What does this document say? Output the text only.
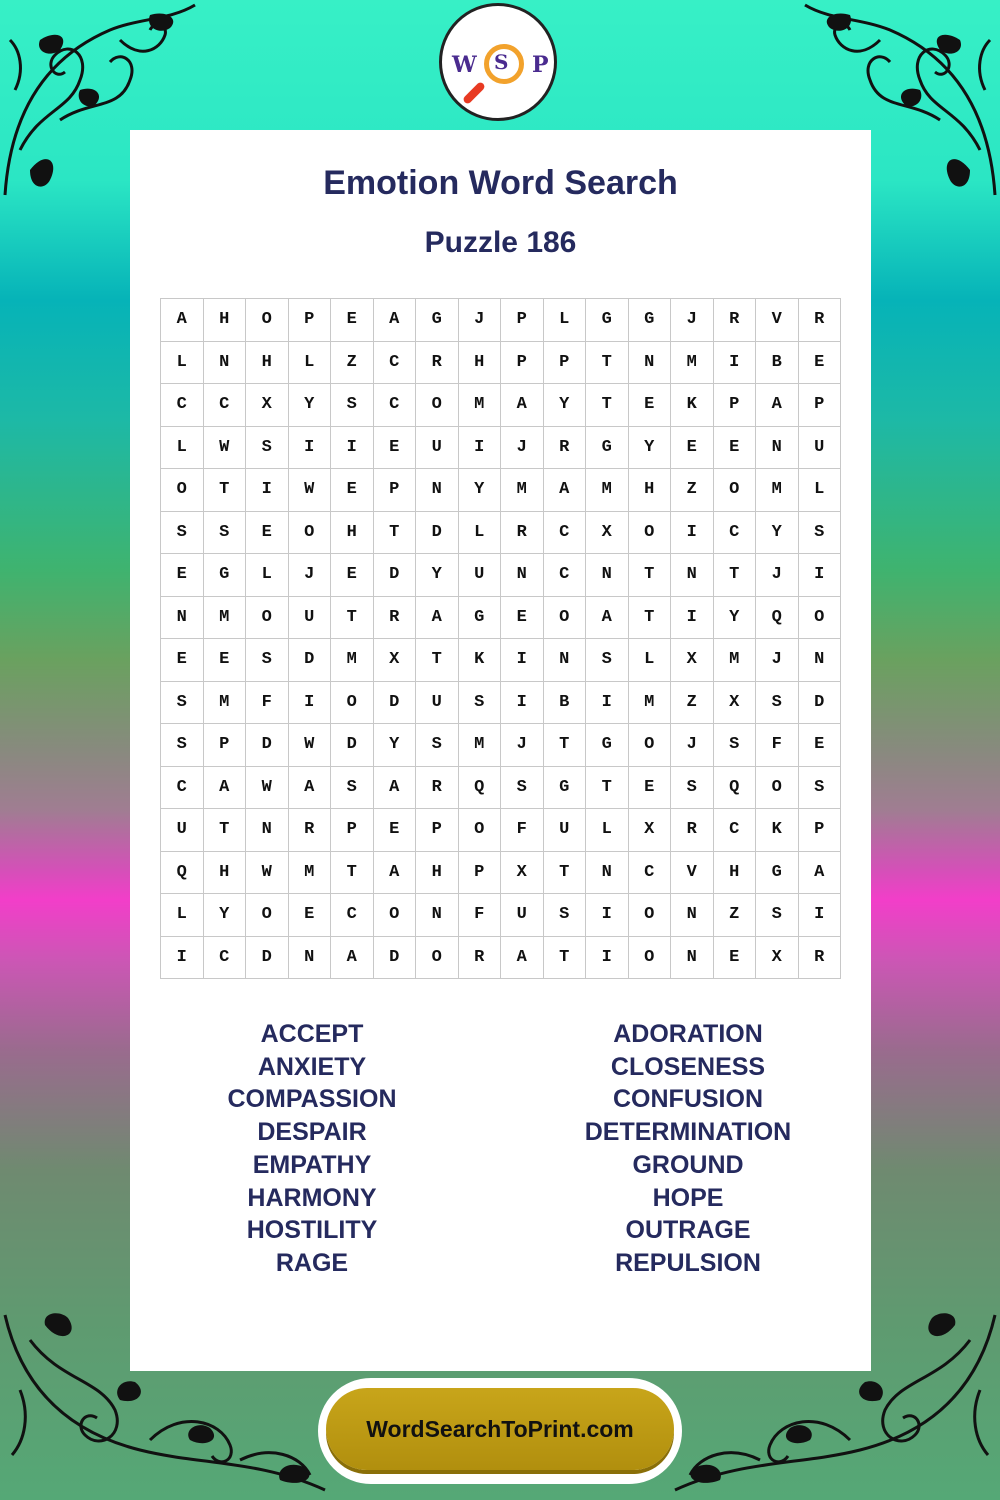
W S P
Emotion Word Search
Puzzle 186
A	H	O	P	E	A	G	J	P	L	G	G	J	R	V	R
L	N	H	L	Z	C	R	H	P	P	T	N	M	I	B	E
C	C	X	Y	S	C	O	M	A	Y	T	E	K	P	A	P
L	W	S	I	I	E	U	I	J	R	G	Y	E	E	N	U
O	T	I	W	E	P	N	Y	M	A	M	H	Z	O	M	L
S	S	E	O	H	T	D	L	R	C	X	O	I	C	Y	S
E	G	L	J	E	D	Y	U	N	C	N	T	N	T	J	I
N	M	O	U	T	R	A	G	E	O	A	T	I	Y	Q	O
E	E	S	D	M	X	T	K	I	N	S	L	X	M	J	N
S	M	F	I	O	D	U	S	I	B	I	M	Z	X	S	D
S	P	D	W	D	Y	S	M	J	T	G	O	J	S	F	E
C	A	W	A	S	A	R	Q	S	G	T	E	S	Q	O	S
U	T	N	R	P	E	P	O	F	U	L	X	R	C	K	P
Q	H	W	M	T	A	H	P	X	T	N	C	V	H	G	A
L	Y	O	E	C	O	N	F	U	S	I	O	N	Z	S	I
I	C	D	N	A	D	O	R	A	T	I	O	N	E	X	R
ACCEPT
ANXIETY
COMPASSION
DESPAIR
EMPATHY
HARMONY
HOSTILITY
RAGE
ADORATION
CLOSENESS
CONFUSION
DETERMINATION
GROUND
HOPE
OUTRAGE
REPULSION
WordSearchToPrint.com
